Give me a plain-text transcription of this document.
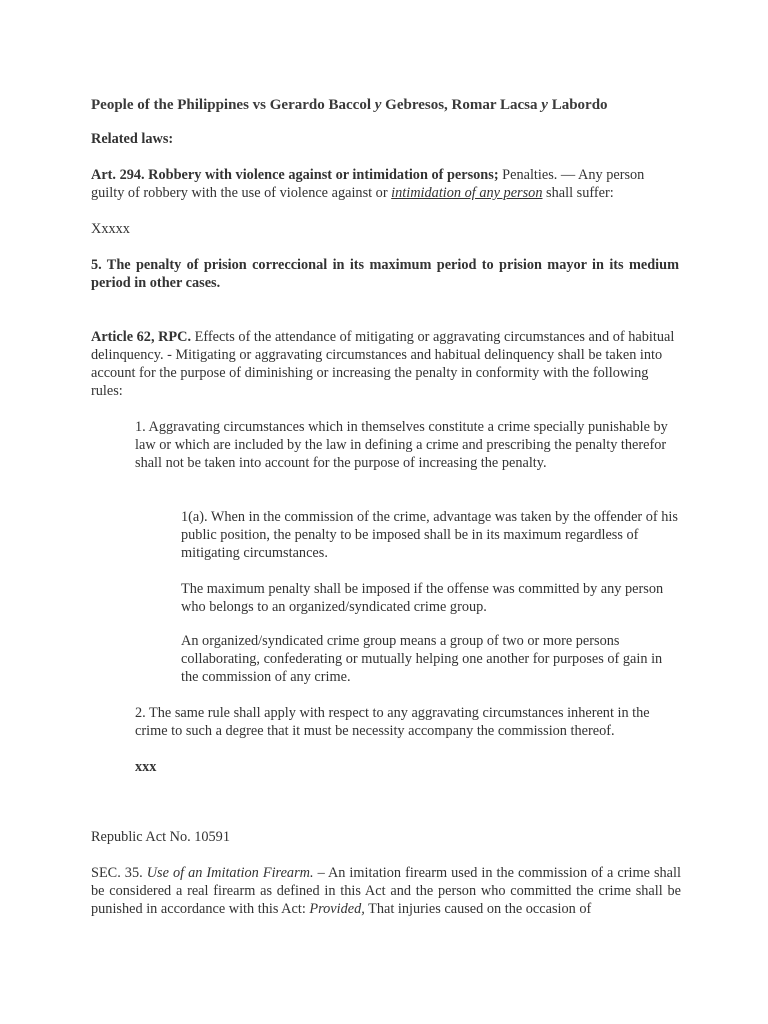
People of the Philippines vs Gerardo Baccol y Gebresos, Romar Lacsa y Labordo

Related laws:

Art. 294. Robbery with violence against or intimidation of persons; Penalties. — Any person guilty of robbery with the use of violence against or intimidation of any person shall suffer:

Xxxxx

5. The penalty of prision correccional in its maximum period to prision mayor in its medium period in other cases.

Article 62, RPC. Effects of the attendance of mitigating or aggravating circumstances and of habitual delinquency. - Mitigating or aggravating circumstances and habitual delinquency shall be taken into account for the purpose of diminishing or increasing the penalty in conformity with the following rules:

1. Aggravating circumstances which in themselves constitute a crime specially punishable by law or which are included by the law in defining a crime and prescribing the penalty therefor shall not be taken into account for the purpose of increasing the penalty.

1(a). When in the commission of the crime, advantage was taken by the offender of his public position, the penalty to be imposed shall be in its maximum regardless of mitigating circumstances.

The maximum penalty shall be imposed if the offense was committed by any person who belongs to an organized/syndicated crime group.

An organized/syndicated crime group means a group of two or more persons collaborating, confederating or mutually helping one another for purposes of gain in the commission of any crime.

2. The same rule shall apply with respect to any aggravating circumstances inherent in the crime to such a degree that it must be necessity accompany the commission thereof.

xxx

Republic Act No. 10591

SEC. 35. Use of an Imitation Firearm. – An imitation firearm used in the commission of a crime shall be considered a real firearm as defined in this Act and the person who committed the crime shall be punished in accordance with this Act: Provided, That injuries caused on the occasion of
